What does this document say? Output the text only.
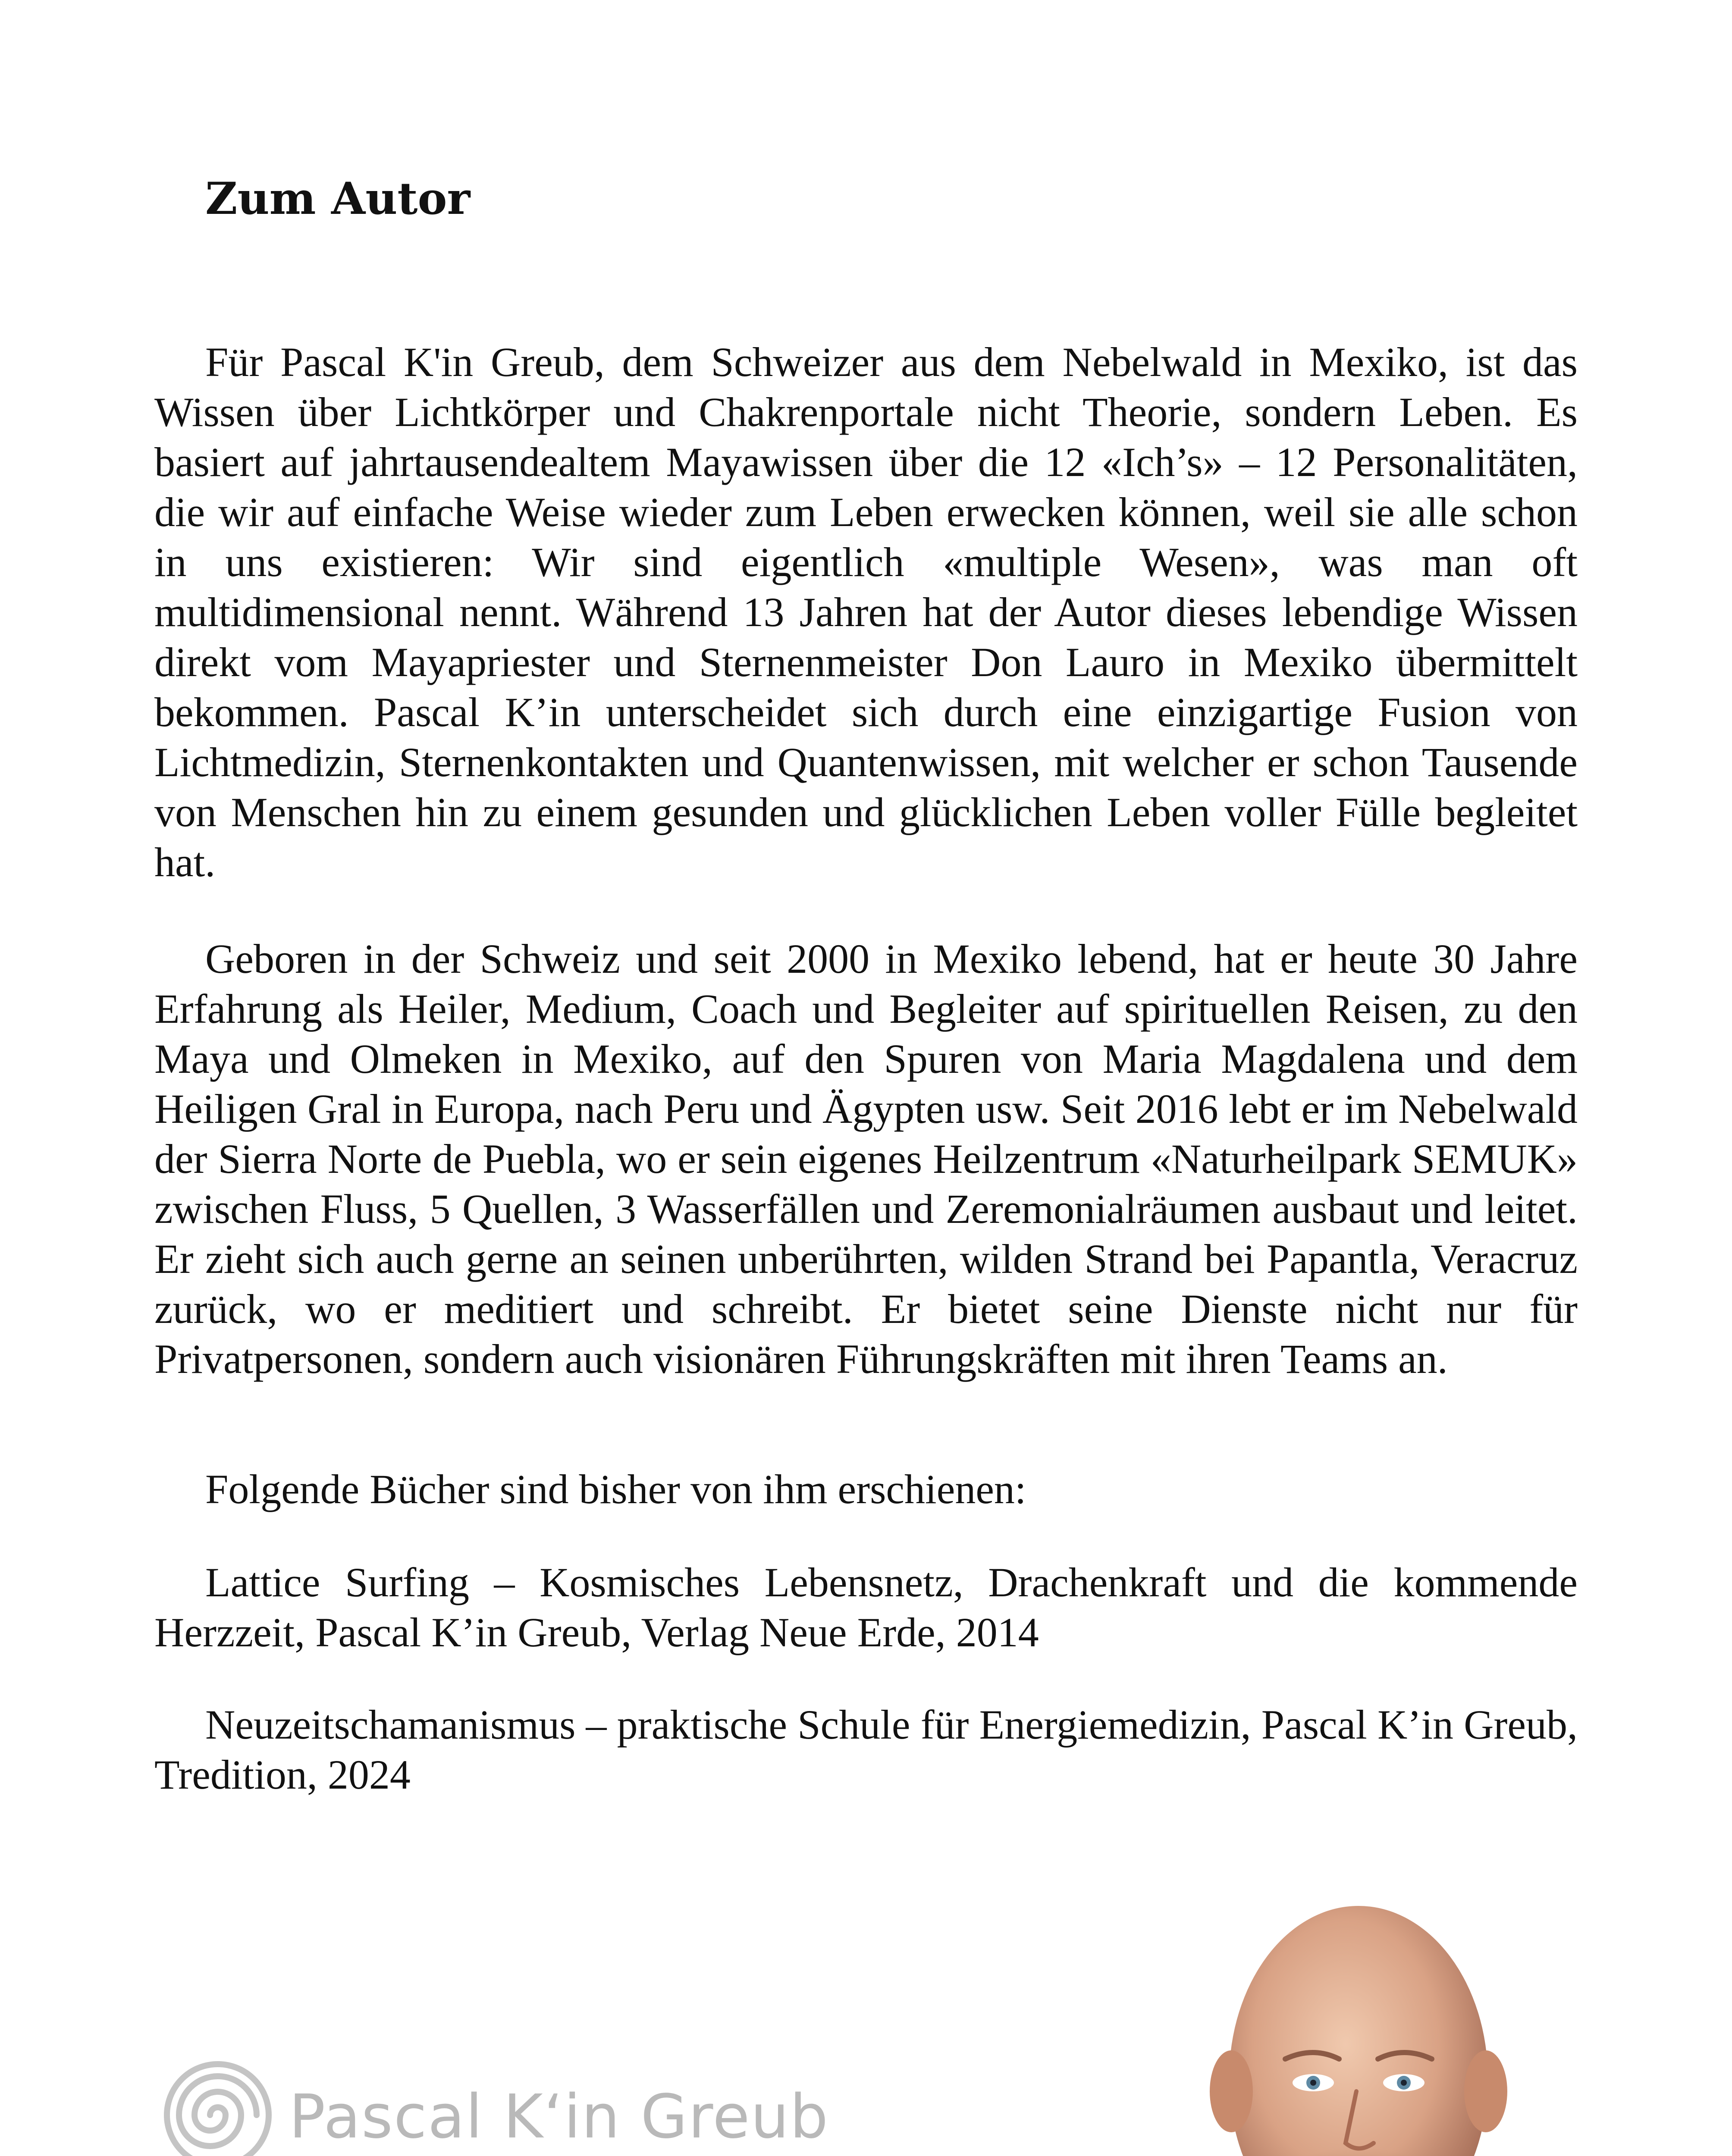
Zum Autor

Für Pascal K'in Greub, dem Schweizer aus dem Nebelwald in Mexiko, ist das Wissen über Lichtkörper und Chakrenportale nicht Theorie, sondern Leben. Es basiert auf jahrtausendealtem Mayawissen über die 12 «Ich’s» – 12 Personalitäten, die wir auf einfache Weise wieder zum Leben erwecken können, weil sie alle schon in uns existieren: Wir sind eigentlich «multiple Wesen», was man oft multidimensional nennt. Während 13 Jahren hat der Autor dieses lebendige Wissen direkt vom Mayapriester und Sternenmeister Don Lauro in Mexiko übermittelt bekommen. Pascal K’in unterscheidet sich durch eine einzigartige Fusion von Lichtmedizin, Sternenkontakten und Quantenwissen, mit welcher er schon Tausende von Menschen hin zu einem gesunden und glücklichen Leben voller Fülle begleitet hat.

Geboren in der Schweiz und seit 2000 in Mexiko lebend, hat er heute 30 Jahre Erfahrung als Heiler, Medium, Coach und Begleiter auf spirituellen Reisen, zu den Maya und Olmeken in Mexiko, auf den Spuren von Maria Magdalena und dem Heiligen Gral in Europa, nach Peru und Ägypten usw. Seit 2016 lebt er im Nebelwald der Sierra Norte de Puebla, wo er sein eigenes Heilzentrum «Naturheilpark SEMUK» zwischen Fluss, 5 Quellen, 3 Wasserfällen und Zeremonialräumen ausbaut und leitet. Er zieht sich auch gerne an seinen unberührten, wilden Strand bei Papantla, Veracruz zurück, wo er meditiert und schreibt. Er bietet seine Dienste nicht nur für Privatpersonen, sondern auch visionären Führungskräften mit ihren Teams an.

Folgende Bücher sind bisher von ihm erschienen:

Lattice Surfing – Kosmisches Lebensnetz, Drachenkraft und die kommende Herzzeit, Pascal K’in Greub, Verlag Neue Erde, 2014

Neuzeitschamanismus – praktische Schule für Energiemedizin, Pascal K’in Greub, Tredition, 2024

Pascal K‘in Greub
